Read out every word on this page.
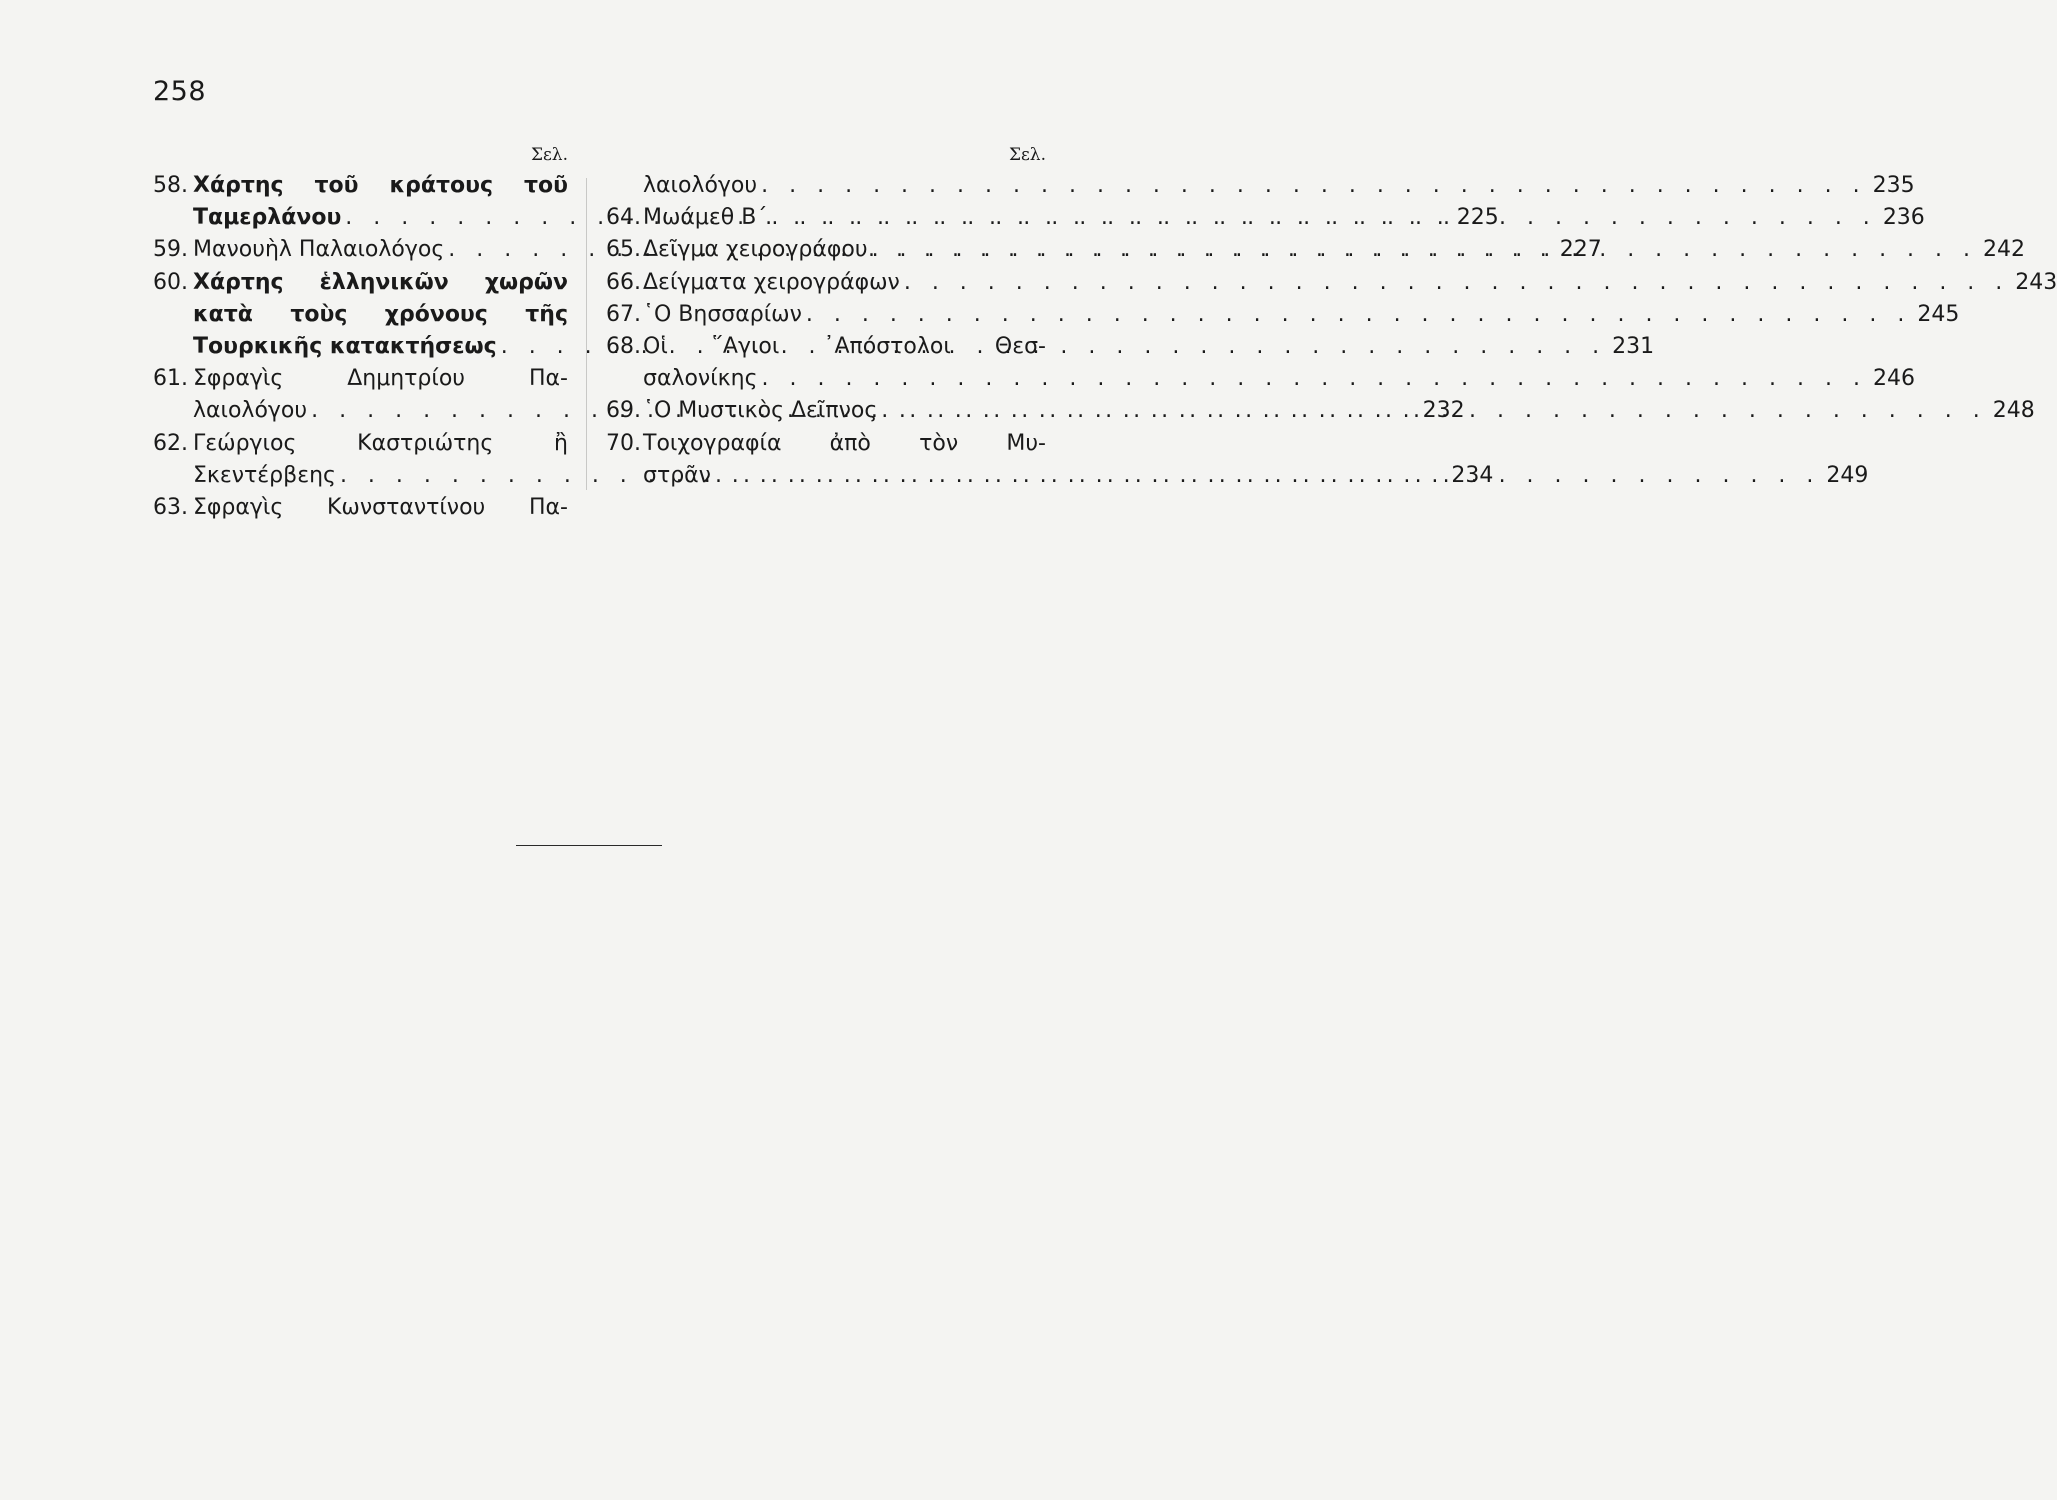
258
Σελ.
58. Χάρτης τοῦ κράτους τοῦ
Ταμερλάνου . . .	225
59. Μανουὴλ Παλαιολόγος . . .	227
60. Χάρτης ἑλληνικῶν χωρῶν
κατὰ τοὺς χρόνους τῆς
Τουρκικῆς κατακτήσεως . . .	231
61. Σφραγὶς Δημητρίου Πα-
λαιολόγου . . .	232
62. Γεώργιος Καστριώτης ἢ
Σκεντέρβεης . . .	234
63. Σφραγὶς Κωνσταντίνου Πα-
Σελ.
λαιολόγου . . .	235
64. Μωάμεθ Β΄ . . .	236
65. Δεῖγμα χειρογράφου . . .	242
66. Δείγματα χειρογράφων . . .	243
67. ῾Ο Βησσαρίων . . .	245
68. Οἱ ῞Αγιοι ᾿Απόστολοι Θεσ-
σαλονίκης . . .	246
69. ῾Ο Μυστικὸς Δεῖπνος . . .	248
70. Τοιχογραφία ἀπὸ τὸν Μυ-
στρᾶν . . .	249
